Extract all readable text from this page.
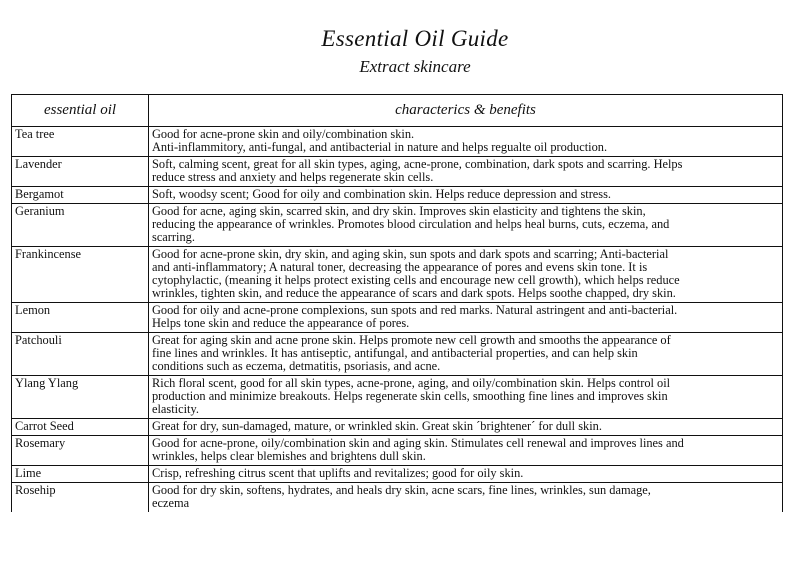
Essential Oil Guide
Extract skincare
essential oil	characterics & benefits
Tea tree	Good for acne-prone skin and oily/combination skin.
Anti-inflammitory, anti-fungal, and antibacterial in nature and helps regualte oil production.

Lavender	Soft, calming scent, great for all skin types, aging, acne-prone, combination, dark spots and scarring. Helps
reduce stress and anxiety and helps regenerate skin cells.

Bergamot	Soft, woodsy scent; Good for oily and combination skin. Helps reduce depression and stress.

Geranium	Good for acne, aging skin, scarred skin, and dry skin. Improves skin elasticity and tightens the skin,
reducing the appearance of wrinkles. Promotes blood circulation and helps heal burns, cuts, eczema, and
scarring.

Frankincense	Good for acne-prone skin, dry skin, and aging skin, sun spots and dark spots and scarring; Anti-bacterial
and anti-inflammatory; A natural toner, decreasing the appearance of pores and evens skin tone. It is
cytophylactic, (meaning it helps protect existing cells and encourage new cell growth), which helps reduce
wrinkles, tighten skin, and reduce the appearance of scars and dark spots. Helps soothe chapped, dry skin.

Lemon	Good for oily and acne-prone complexions, sun spots and red marks. Natural astringent and anti-bacterial.
Helps tone skin and reduce the appearance of pores.

Patchouli	Great for aging skin and acne prone skin. Helps promote new cell growth and smooths the appearance of
fine lines and wrinkles. It has antiseptic, antifungal, and antibacterial properties, and can help skin
conditions such as eczema, detmatitis, psoriasis, and acne.

Ylang Ylang	Rich floral scent, good for all skin types, acne-prone, aging, and oily/combination skin. Helps control oil
production and minimize breakouts. Helps regenerate skin cells, smoothing fine lines and improves skin
elasticity.

Carrot Seed	Great for dry, sun-damaged, mature, or wrinkled skin. Great skin ´brightener´ for dull skin.

Rosemary	Good for acne-prone, oily/combination skin and aging skin. Stimulates cell renewal and improves lines and
wrinkles, helps clear blemishes and brightens dull skin.

Lime	Crisp, refreshing citrus scent that uplifts and revitalizes; good for oily skin.

Rosehip	Good for dry skin, softens, hydrates, and heals dry skin, acne scars, fine lines, wrinkles, sun damage,
eczema
